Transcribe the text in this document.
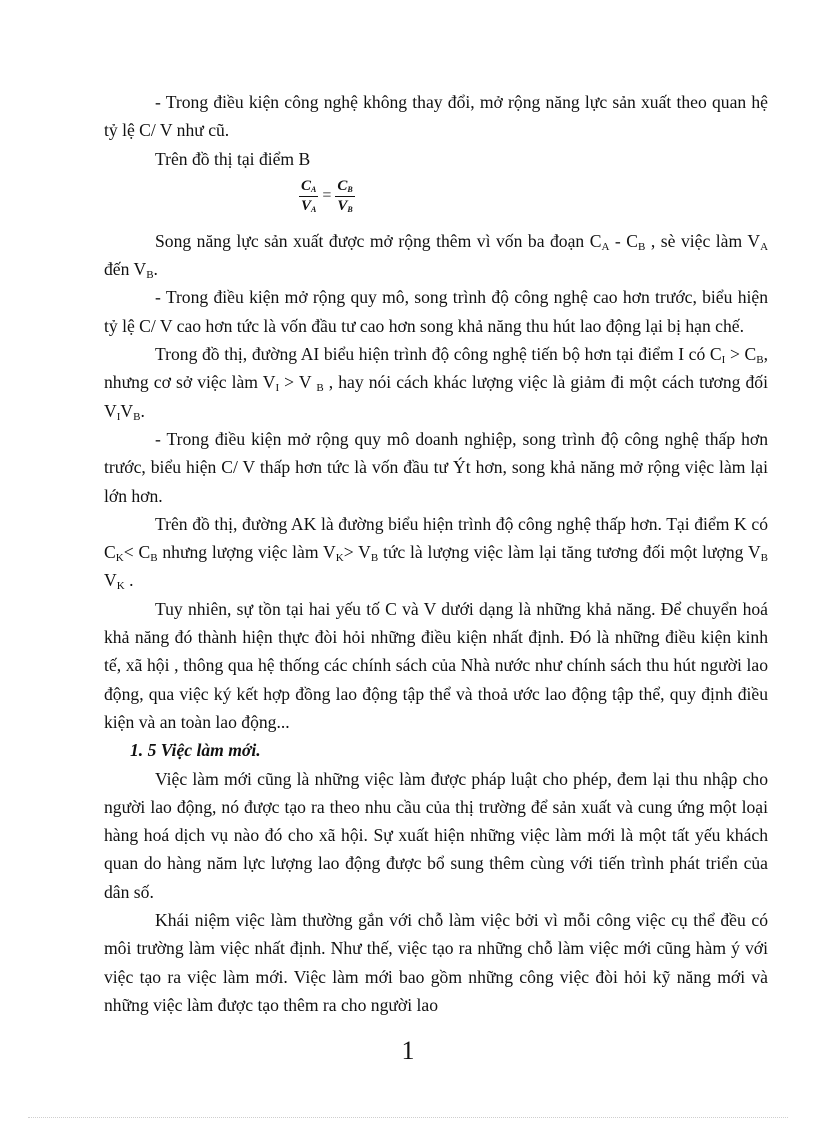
- Trong điều kiện công nghệ không thay đổi, mở rộng năng lực sản xuất theo quan hệ tỷ lệ C/ V như cũ.

Trên đồ thị tại điểm B

$\frac{C_A}{V_A} = \frac{C_B}{V_B}$

Song năng lực sản xuất được mở rộng thêm vì vốn ba đoạn $C_A - C_B$ , sè việc làm $V_A$ đến $V_B$.

- Trong điều kiện mở rộng quy mô, song trình độ công nghệ cao hơn trước, biểu hiện tỷ lệ C/ V cao hơn tức là vốn đầu tư cao hơn song khả năng thu hút lao động lại bị hạn chế.

Trong đồ thị, đường AI biểu hiện trình độ công nghệ tiến bộ hơn tại điểm I có $C_I > C_B$, nhưng cơ sở việc làm $V_I > V$ $_B$ , hay nói cách khác lượng việc là giảm đi một cách tương đối $V_IV_B$.

- Trong điều kiện mở rộng quy mô doanh nghiệp, song trình độ công nghệ thấp hơn trước, biểu hiện C/ V thấp hơn tức là vốn đầu tư Ýt hơn, song khả năng mở rộng việc làm lại lớn hơn.

Trên đồ thị, đường AK là đường biểu hiện trình độ công nghệ thấp hơn. Tại điểm K có $C_K< C_B$ nhưng lượng việc làm $V_K> V_B$ tức là lượng việc làm lại tăng tương đối một lượng $V_B$ $V_K$ .

Tuy nhiên, sự tồn tại hai yếu tố C và V dưới dạng là những khả năng. Để chuyển hoá khả năng đó thành hiện thực đòi hỏi những điều kiện nhất định. Đó là những điều kiện kinh tế, xã hội , thông qua hệ thống các chính sách của Nhà nước như chính sách thu hút người lao động, qua việc ký kết hợp đồng lao động tập thể và thoả ước lao động tập thể, quy định điều kiện và an toàn lao động...

1. 5 Việc làm mới.

Việc làm mới cũng là những việc làm được pháp luật cho phép, đem lại thu nhập cho người lao động, nó được tạo ra theo nhu cầu của thị trường để sản xuất và cung ứng một loại hàng hoá dịch vụ nào đó cho xã hội. Sự xuất hiện những việc làm mới là một tất yếu khách quan do hàng năm lực lượng lao động được bổ sung thêm cùng với tiến trình phát triển của dân số.

Khái niệm việc làm thường gắn với chỗ làm việc bởi vì mỗi công việc cụ thể đều có môi trường làm việc nhất định. Như thế, việc tạo ra những chỗ làm việc mới cũng hàm ý với việc tạo ra việc làm mới. Việc làm mới bao gồm những công việc đòi hỏi kỹ năng mới và những việc làm được tạo thêm ra cho người lao

1
